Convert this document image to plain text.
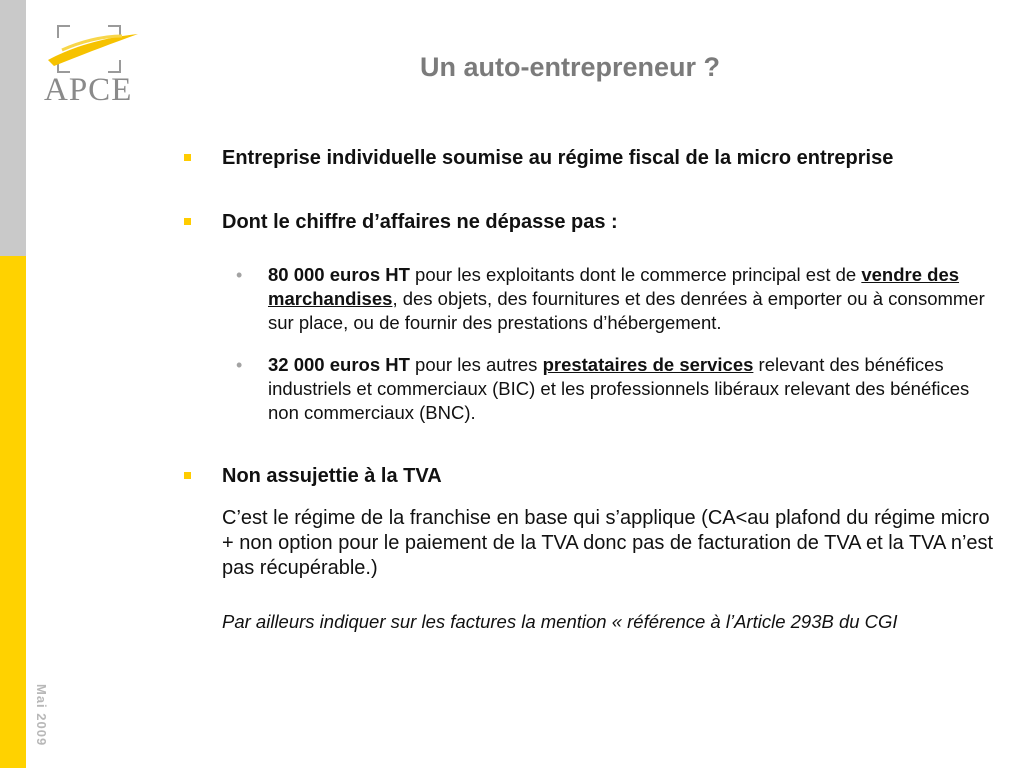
Mai 2009
APCE
Un auto-entrepreneur ?
Entreprise individuelle soumise au régime fiscal de la micro entreprise
Dont le chiffre d’affaires ne dépasse pas :
• 80 000 euros HT pour les exploitants dont le commerce principal est de vendre des marchandises, des objets, des fournitures et des denrées à emporter ou à consommer sur place, ou de fournir des prestations d’hébergement.
• 32 000 euros HT pour les autres prestataires de services relevant des bénéfices industriels et commerciaux (BIC) et les professionnels libéraux relevant des bénéfices non commerciaux (BNC).
Non assujettie à la TVA
C’est le régime de la franchise en base qui s’applique (CA<au plafond du régime micro + non option pour le paiement de la TVA donc pas de facturation de TVA et la TVA n’est pas récupérable.)
Par ailleurs indiquer sur les factures la mention « référence à l’Article 293B du CGI
